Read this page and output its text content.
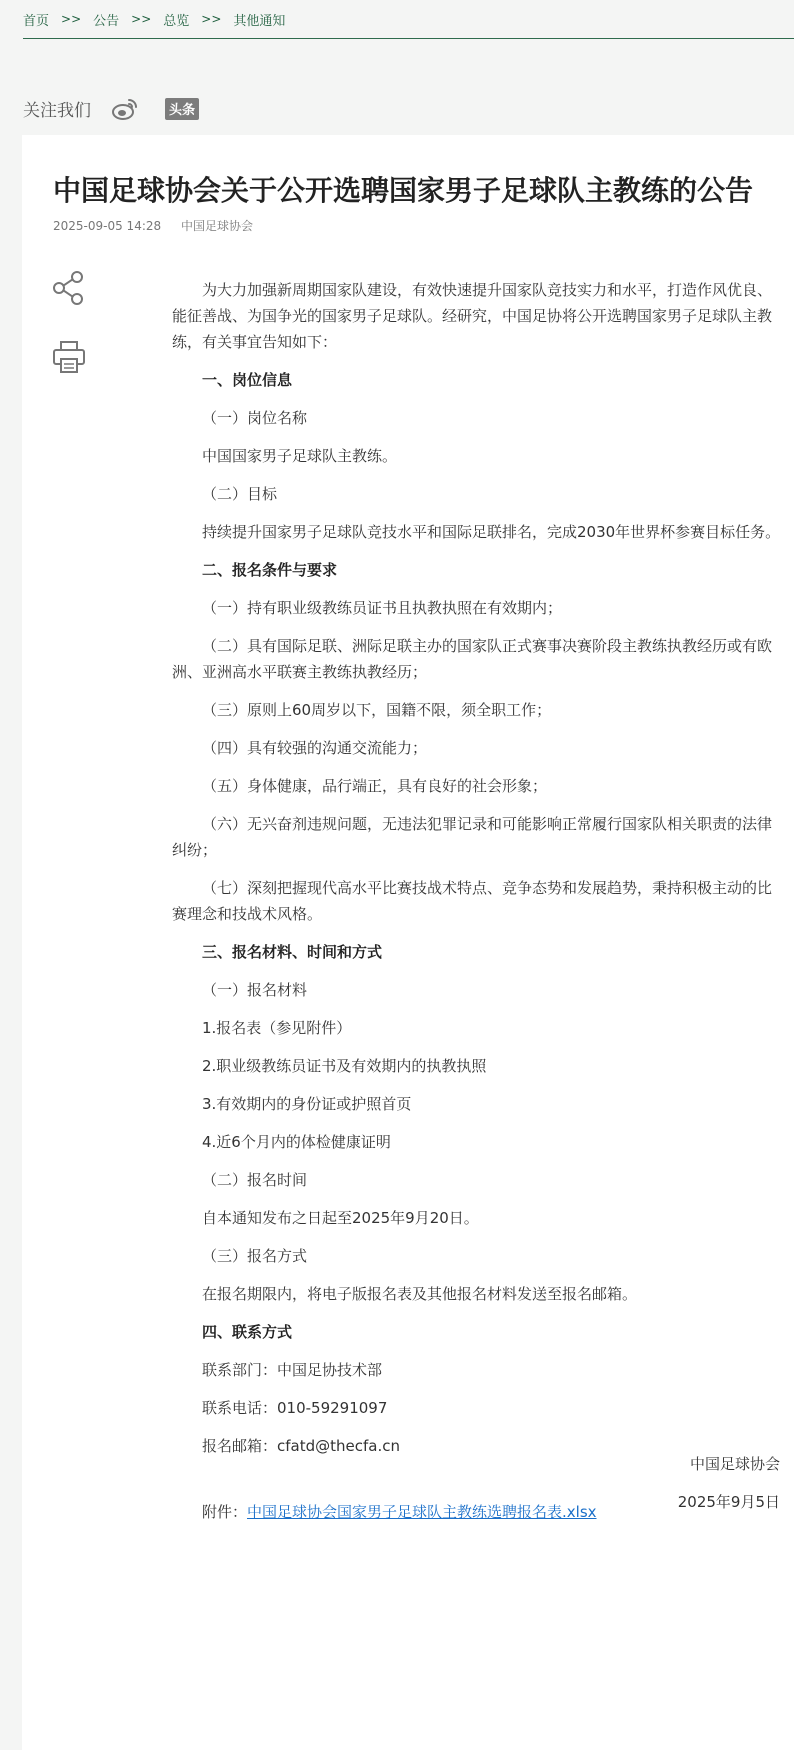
首页 >> 公告 >> 总览 >> 其他通知
关注我们	头条
中国足球协会关于公开选聘国家男子足球队主教练的公告
2025-09-05 14:28 中国足球协会

为大力加强新周期国家队建设，有效快速提升国家队竞技实力和水平，打造作风优良、能征善战、为国争光的国家男子足球队。经研究，中国足协将公开选聘国家男子足球队主教练，有关事宜告知如下：

一、岗位信息

（一）岗位名称

中国国家男子足球队主教练。

（二）目标

持续提升国家男子足球队竞技水平和国际足联排名，完成2030年世界杯参赛目标任务。

二、报名条件与要求

（一）持有职业级教练员证书且执教执照在有效期内；

（二）具有国际足联、洲际足联主办的国家队正式赛事决赛阶段主教练执教经历或有欧洲、亚洲高水平联赛主教练执教经历；

（三）原则上60周岁以下，国籍不限，须全职工作；

（四）具有较强的沟通交流能力；

（五）身体健康，品行端正，具有良好的社会形象；

（六）无兴奋剂违规问题，无违法犯罪记录和可能影响正常履行国家队相关职责的法律纠纷；

（七）深刻把握现代高水平比赛技战术特点、竞争态势和发展趋势，秉持积极主动的比赛理念和技战术风格。

三、报名材料、时间和方式

（一）报名材料

1.报名表（参见附件）

2.职业级教练员证书及有效期内的执教执照

3.有效期内的身份证或护照首页

4.近6个月内的体检健康证明

（二）报名时间

自本通知发布之日起至2025年9月20日。

（三）报名方式

在报名期限内，将电子版报名表及其他报名材料发送至报名邮箱。

四、联系方式

联系部门：中国足协技术部

联系电话：010-59291097

报名邮箱：cfatd@thecfa.cn

附件：中国足球协会国家男子足球队主教练选聘报名表.xlsx

中国足球协会
2025年9月5日
